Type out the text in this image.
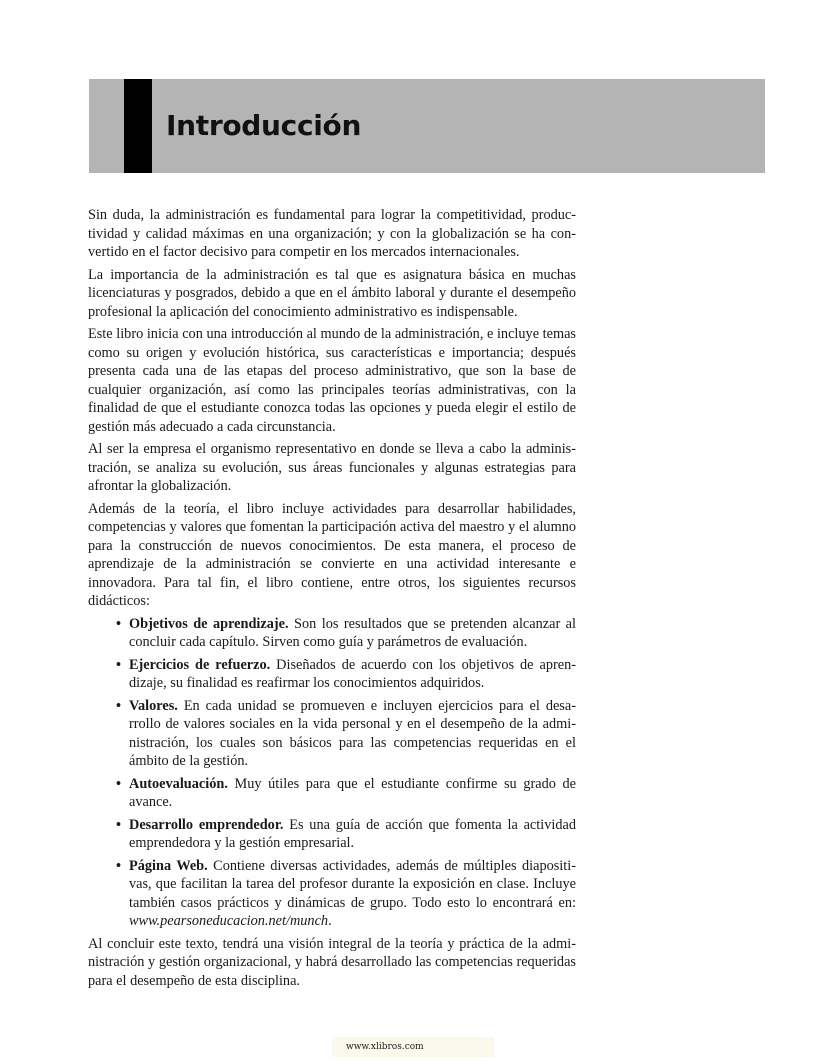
Introducción

Sin duda, la administración es fundamental para lograr la competitividad, productividad y calidad máximas en una organización; y con la globalización se ha convertido en el factor decisivo para competir en los mercados internacionales.

La importancia de la administración es tal que es asignatura básica en muchas licenciaturas y posgrados, debido a que en el ámbito laboral y durante el desempeño profesional la aplicación del conocimiento administrativo es indispensable.

Este libro inicia con una introducción al mundo de la administración, e incluye temas como su origen y evolución histórica, sus características e importancia; después presenta cada una de las etapas del proceso administrativo, que son la base de cualquier organización, así como las principales teorías administrativas, con la finalidad de que el estudiante conozca todas las opciones y pueda elegir el estilo de gestión más adecuado a cada circunstancia.

Al ser la empresa el organismo representativo en donde se lleva a cabo la administración, se analiza su evolución, sus áreas funcionales y algunas estrategias para afrontar la globalización.

Además de la teoría, el libro incluye actividades para desarrollar habilidades, competencias y valores que fomentan la participación activa del maestro y el alumno para la construcción de nuevos conocimientos. De esta manera, el proceso de aprendizaje de la administración se convierte en una actividad interesante e innovadora. Para tal fin, el libro contiene, entre otros, los siguientes recursos didácticos:

• Objetivos de aprendizaje. Son los resultados que se pretenden alcanzar al concluir cada capítulo. Sirven como guía y parámetros de evaluación.
• Ejercicios de refuerzo. Diseñados de acuerdo con los objetivos de aprendizaje, su finalidad es reafirmar los conocimientos adquiridos.
• Valores. En cada unidad se promueven e incluyen ejercicios para el desarrollo de valores sociales en la vida personal y en el desempeño de la administración, los cuales son básicos para las competencias requeridas en el ámbito de la gestión.
• Autoevaluación. Muy útiles para que el estudiante confirme su grado de avance.
• Desarrollo emprendedor. Es una guía de acción que fomenta la actividad emprendedora y la gestión empresarial.
• Página Web. Contiene diversas actividades, además de múltiples diapositivas, que facilitan la tarea del profesor durante la exposición en clase. Incluye también casos prácticos y dinámicas de grupo. Todo esto lo encontrará en: www.pearsoneducacion.net/munch.

Al concluir este texto, tendrá una visión integral de la teoría y práctica de la administración y gestión organizacional, y habrá desarrollado las competencias requeridas para el desempeño de esta disciplina.

www.xlibros.com
